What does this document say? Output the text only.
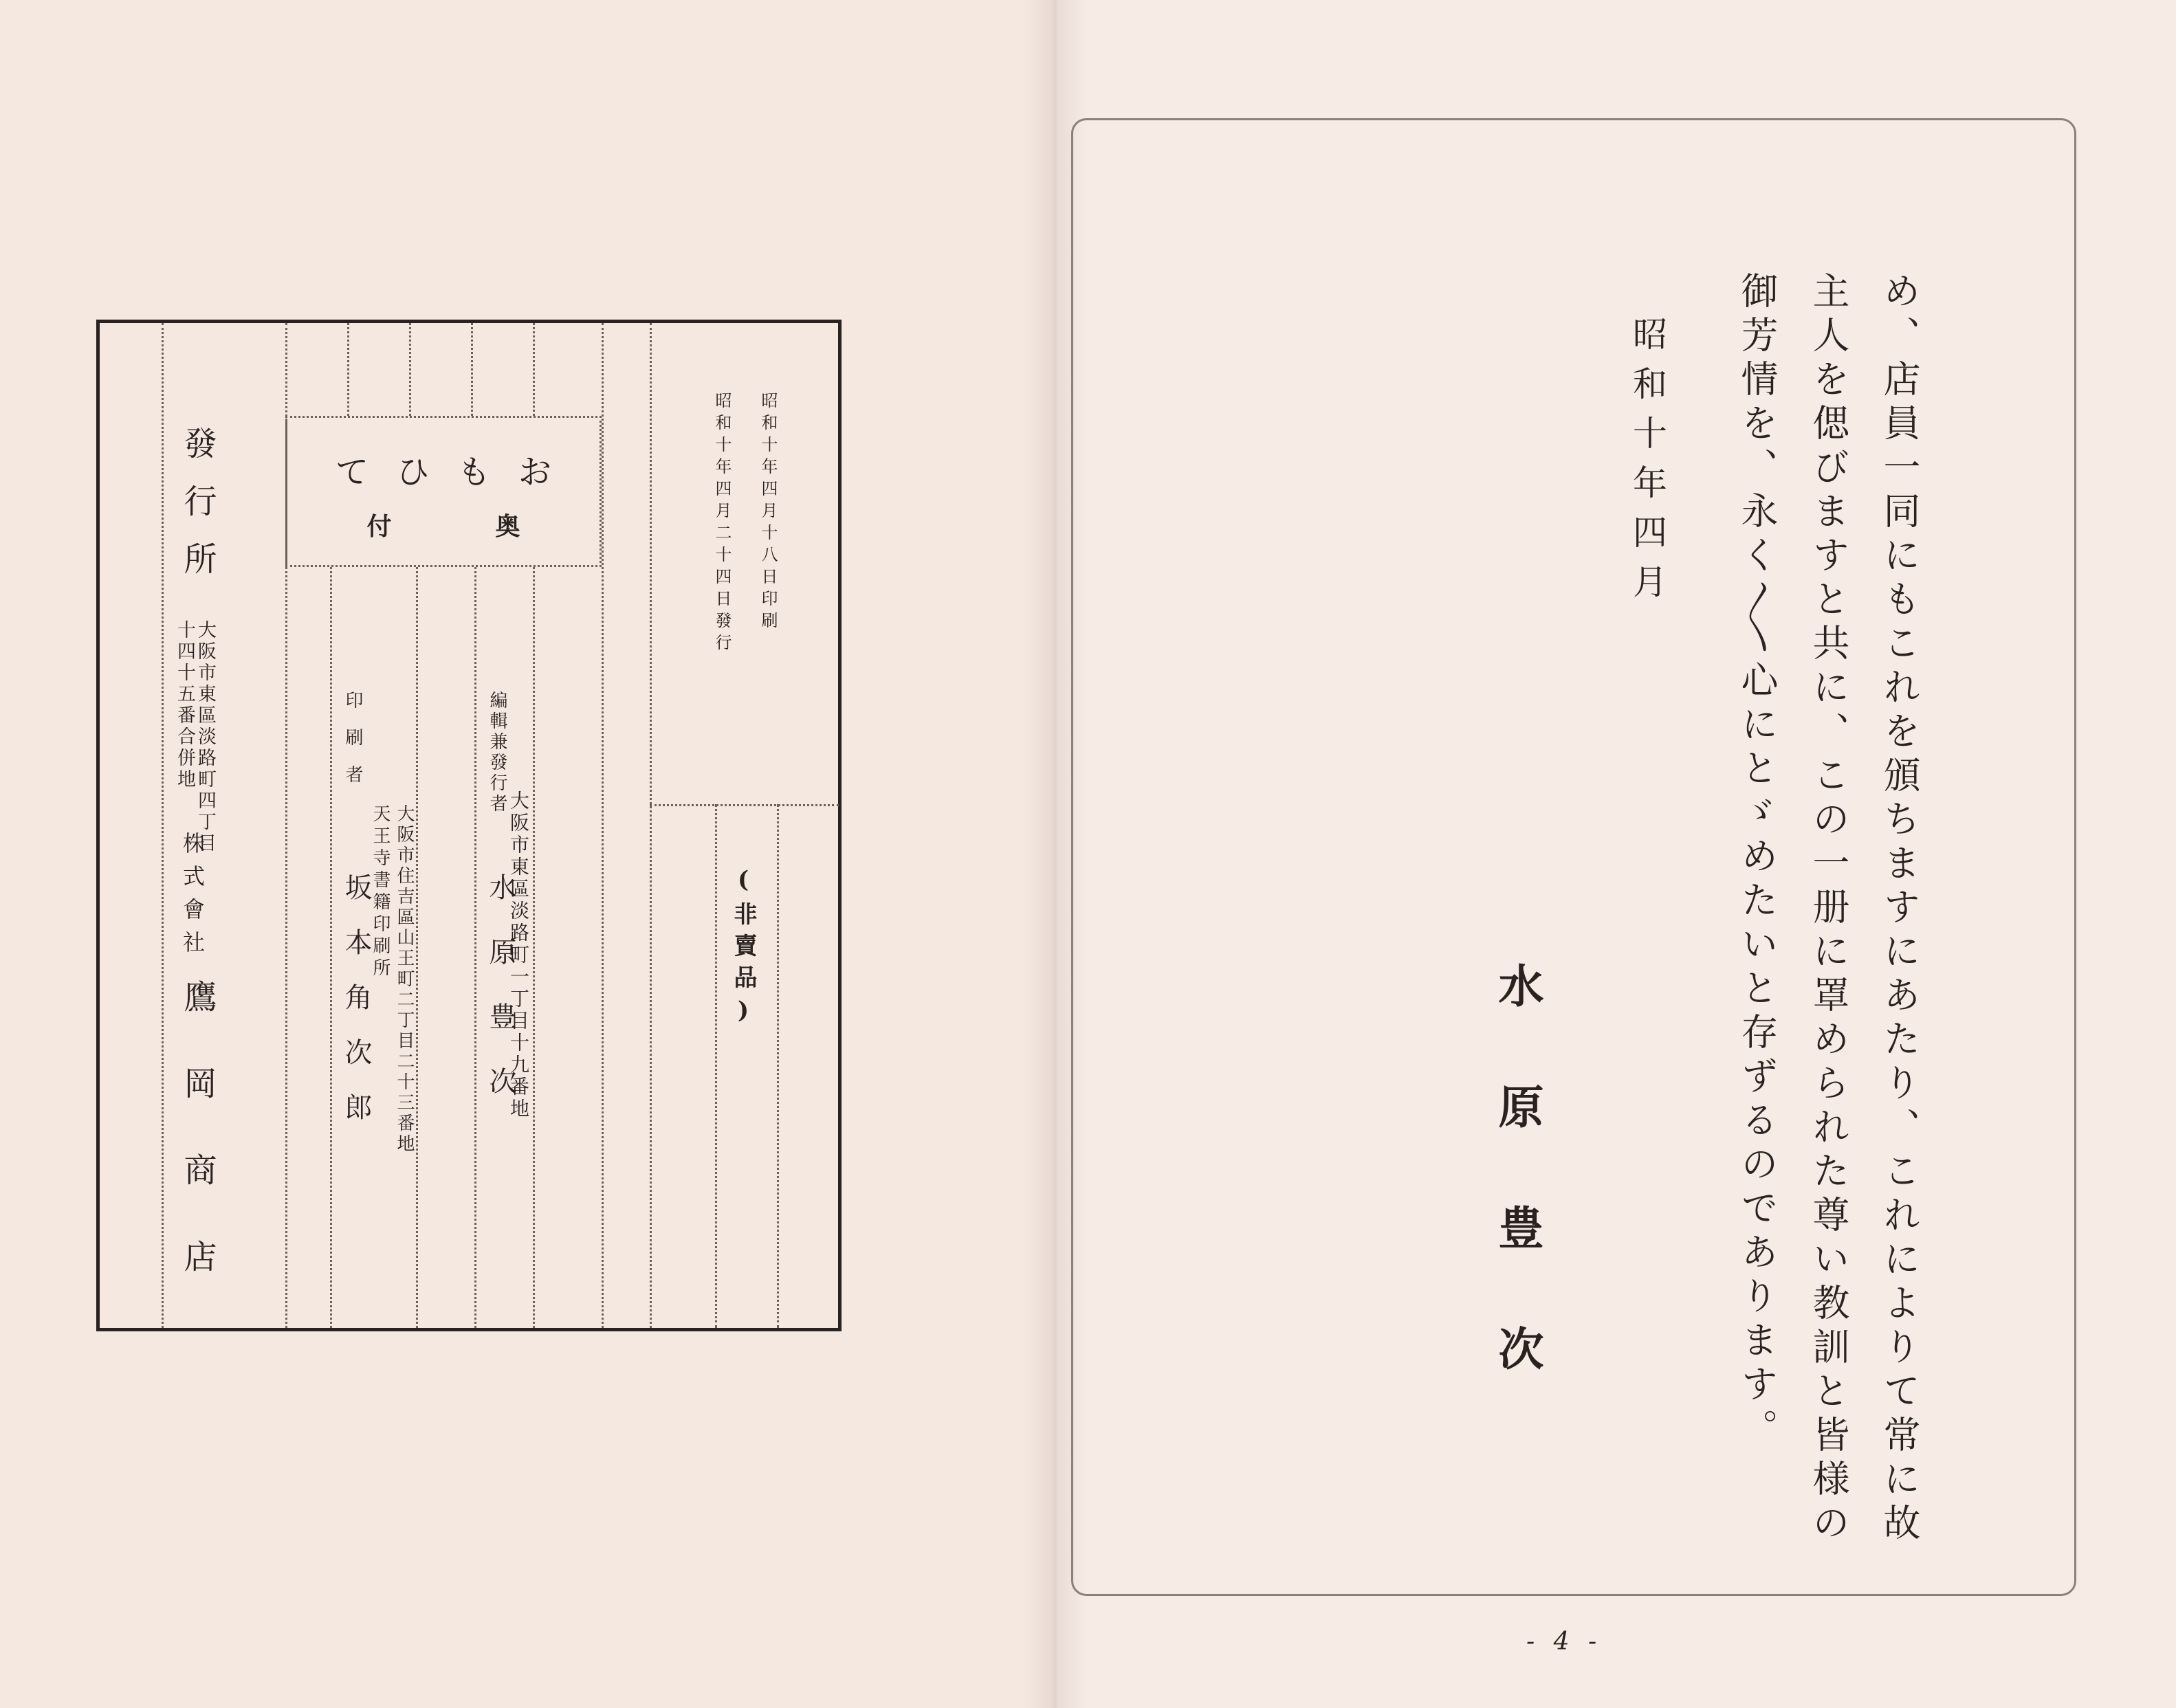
お
も
ひ
て
奥
付	昭和十年四月十八日印刷
昭和十年四月二十四日發行
(非賣品)
編輯兼發行者
大阪市東區淡路町一丁目十九番地
水原豊次
印刷者
大阪市住吉區山王町二丁目二十三番地
天王寺書籍印刷所
坂本角次郎
發行所
大阪市東區淡路町四丁目
十四十五番合併地
株式會社
鷹岡商店	め、店員一同にもこれを頒ちますにあたり、これによりて常に故
主人を偲びますと共に、この一册に罩められた尊い教訓と皆様の
御芳情を、永く〱心にとゞめたいと存ずるのであります。
昭和十年四月
水原豊次
- 4 -
